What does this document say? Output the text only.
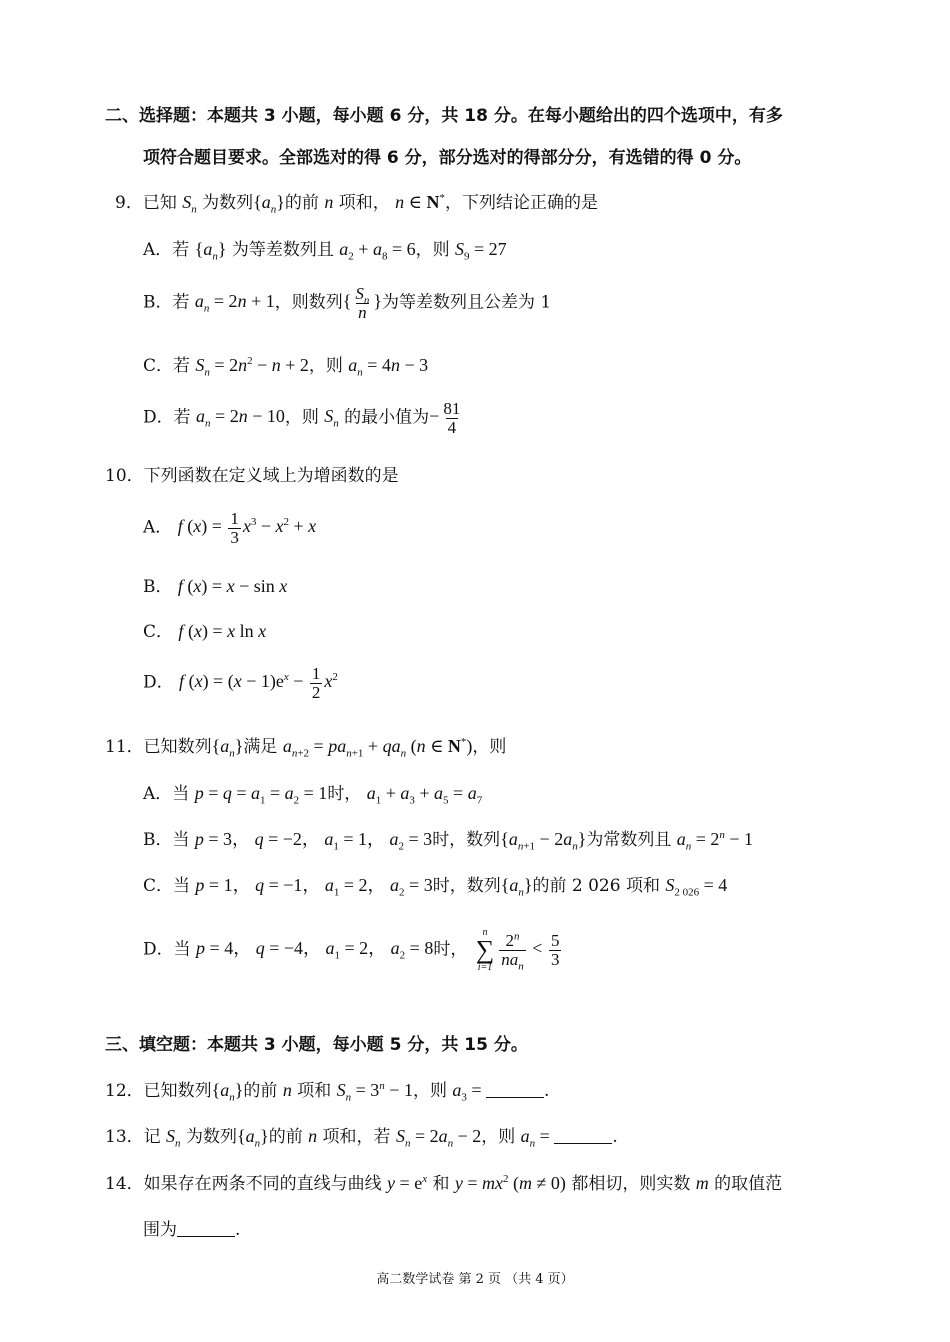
二、选择题：本题共 3 小题，每小题 6 分，共 18 分。在每小题给出的四个选项中，有多
项符合题目要求。全部选对的得 6 分，部分选对的得部分分，有选错的得 0 分。
9．已知 $S_n$ 为数列$\{a_n\}$的前 n 项和， n ∈ N*，下列结论正确的是
A．若 $\{a_n\}$ 为等差数列且 $a_2 + a_8 = 6$，则 $S_9 = 27$
B．若 $a_n = 2n + 1$，则数列{ $\frac{S_n}{n}$ }为等差数列且公差为 1
C．若 $S_n = 2n^2 - n + 2$，则 $a_n = 4n - 3$
D．若 $a_n = 2n - 10$，则 $S_n$ 的最小值为− $\frac{81}{4}$
10．下列函数在定义域上为增函数的是
A． f $(x) = \frac{1}{3} x^3 - x^2 + x$
B． f (x) = x − sin x
C． f (x) = x ln x
D． f $(x) = (x - 1)e^x - \frac{1}{2} x^2$
11．已知数列$\{a_n\}$满足 $a_{n+2} = pa_{n+1} + qa_n$ (n ∈ N*)，则
A．当 $p = q = a_1 = a_2 = 1$时， $a_1 + a_3 + a_5 = a_7$
B．当 p = 3， q = −2， $a_1 = 1$， $a_2 = 3$时，数列$\{a_{n+1} - 2a_n\}$为常数列且 $a_n = 2^n - 1$
C．当 p = 1， q = −1， $a_1 = 2$， $a_2 = 3$时，数列$\{a_n\}$的前 2 026 项和 $S_{2 026} = 4$
D．当 p = 4， q = −4， $a_1 = 2$， $a_2 = 8$时，
n
∑
$i=1 \frac{2^n}{na_n} < \frac{5}{3}$
三、填空题：本题共 3 小题，每小题 5 分，共 15 分。
12．已知数列$\{a_n\}$的前 n 项和 $S_n = 3^n - 1$，则 $a_3$ =	.
13．记 $S_n$ 为数列$\{a_n\}$的前 n 项和，若 $S_n = 2a_n - 2$，则 $a_n$ =	.
14．如果存在两条不同的直线与曲线 $y = e^x$ 和 $y = mx^2$ (m ≠ 0) 都相切，则实数 m 的取值范
围为	.
高二数学试卷 第 2 页 （共 4 页）
